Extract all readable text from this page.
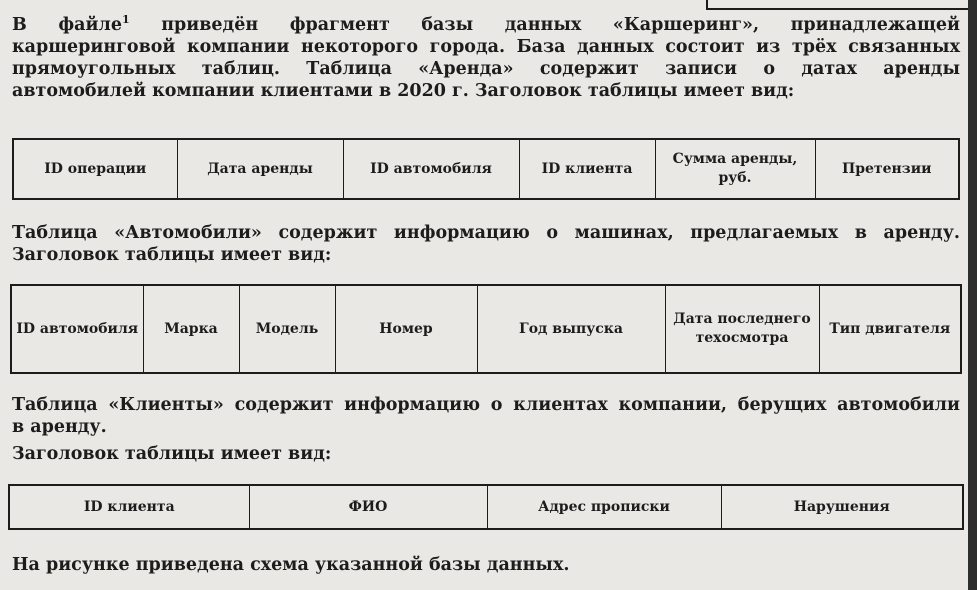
В файле$^1$ приведён фрагмент базы данных «Каршеринг», принадлежащей
каршеринговой компании некоторого города. База данных состоит из трёх связанных
прямоугольных таблиц. Таблица «Аренда» содержит записи о датах аренды
автомобилей компании клиентами в 2020 г. Заголовок таблицы имеет вид:
ID операции	Дата аренды	ID автомобиля	ID клиента	Сумма аренды, руб.	Претензии
Таблица «Автомобили» содержит информацию о машинах, предлагаемых в аренду.
Заголовок таблицы имеет вид:
ID автомобиля	Марка	Модель	Номер	Год выпуска	Дата последнего техосмотра	Тип двигателя
Таблица «Клиенты» содержит информацию о клиентах компании, берущих автомобили
в аренду.
Заголовок таблицы имеет вид:
ID клиента	ФИО	Адрес прописки	Нарушения
На рисунке приведена схема указанной базы данных.
